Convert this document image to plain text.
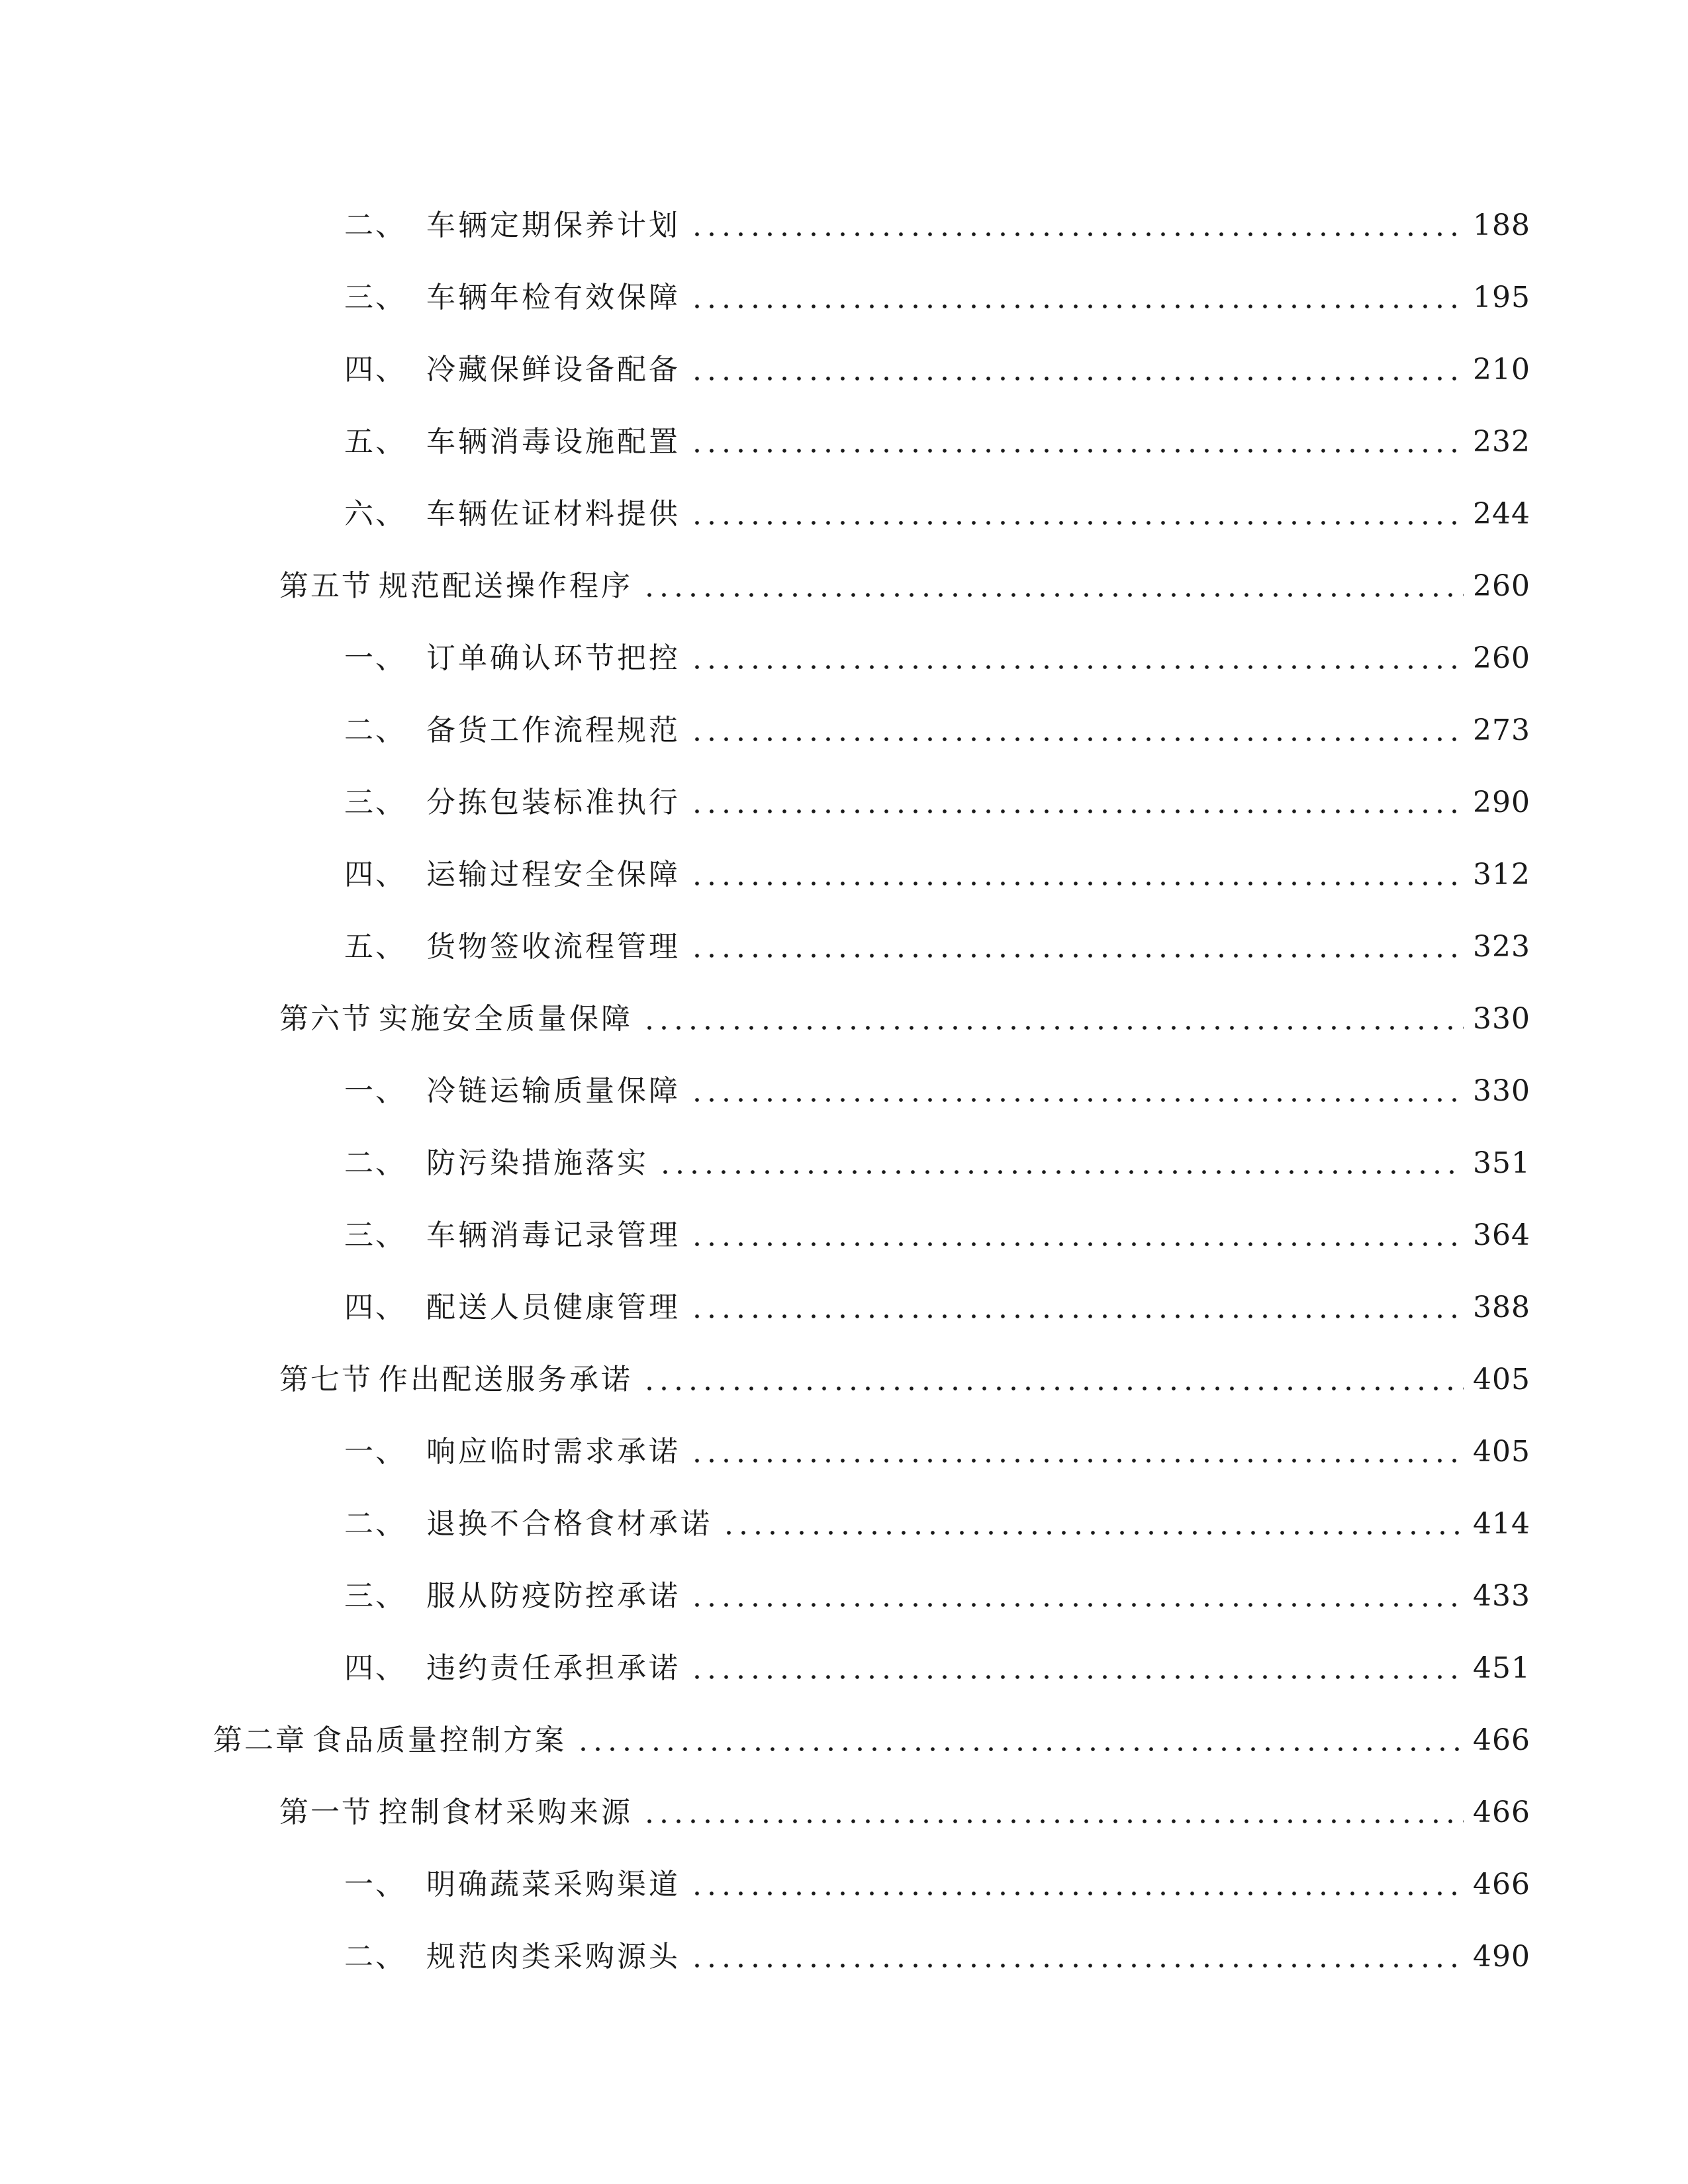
二、 车辆定期保养计划	188
三、 车辆年检有效保障	195
四、 冷藏保鲜设备配备	210
五、 车辆消毒设施配置	232
六、 车辆佐证材料提供	244
第五节 规范配送操作程序	260
一、 订单确认环节把控	260
二、 备货工作流程规范	273
三、 分拣包装标准执行	290
四、 运输过程安全保障	312
五、 货物签收流程管理	323
第六节 实施安全质量保障	330
一、 冷链运输质量保障	330
二、 防污染措施落实	351
三、 车辆消毒记录管理	364
四、 配送人员健康管理	388
第七节 作出配送服务承诺	405
一、 响应临时需求承诺	405
二、 退换不合格食材承诺	414
三、 服从防疫防控承诺	433
四、 违约责任承担承诺	451
第二章 食品质量控制方案	466
第一节 控制食材采购来源	466
一、 明确蔬菜采购渠道	466
二、 规范肉类采购源头	490
